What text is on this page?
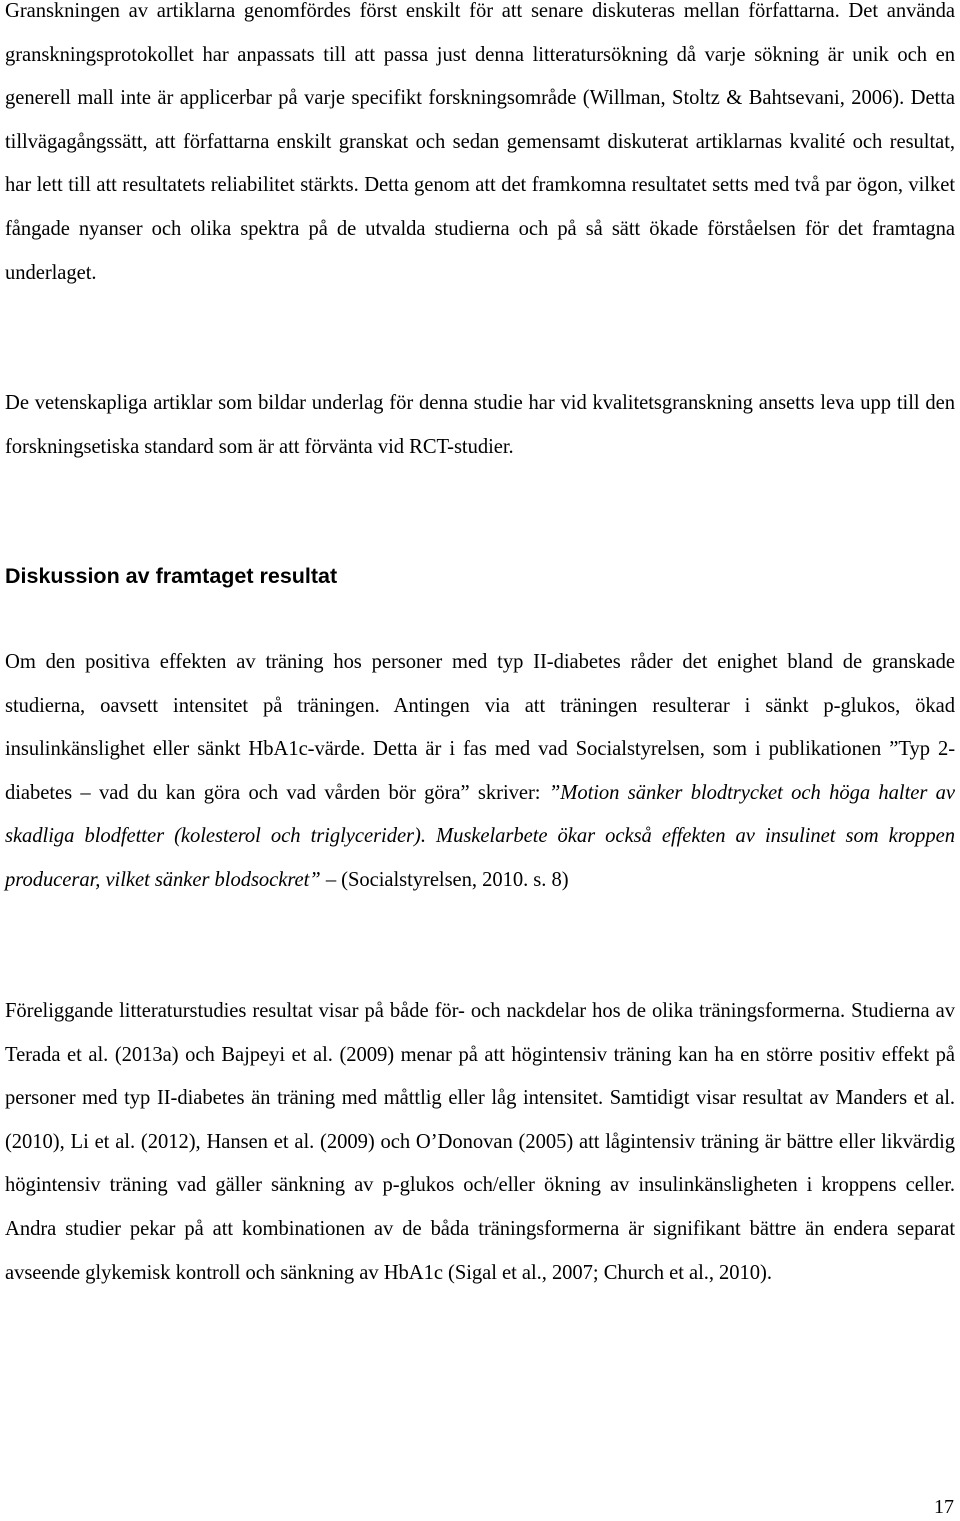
Granskningen av artiklarna genomfördes först enskilt för att senare diskuteras mellan författarna. Det använda granskningsprotokollet har anpassats till att passa just denna litteratursökning då varje sökning är unik och en generell mall inte är applicerbar på varje specifikt forskningsområde (Willman, Stoltz & Bahtsevani, 2006). Detta tillvägagångssätt, att författarna enskilt granskat och sedan gemensamt diskuterat artiklarnas kvalité och resultat, har lett till att resultatets reliabilitet stärkts. Detta genom att det framkomna resultatet setts med två par ögon, vilket fångade nyanser och olika spektra på de utvalda studierna och på så sätt ökade förståelsen för det framtagna underlaget.

De vetenskapliga artiklar som bildar underlag för denna studie har vid kvalitetsgranskning ansetts leva upp till den forskningsetiska standard som är att förvänta vid RCT-studier.

Diskussion av framtaget resultat

Om den positiva effekten av träning hos personer med typ II-diabetes råder det enighet bland de granskade studierna, oavsett intensitet på träningen. Antingen via att träningen resulterar i sänkt p-glukos, ökad insulinkänslighet eller sänkt HbA1c-värde. Detta är i fas med vad Socialstyrelsen, som i publikationen ”Typ 2-diabetes – vad du kan göra och vad vården bör göra” skriver: ”Motion sänker blodtrycket och höga halter av skadliga blodfetter (kolesterol och triglycerider). Muskelarbete ökar också effekten av insulinet som kroppen producerar, vilket sänker blodsockret” – (Socialstyrelsen, 2010. s. 8)

Föreliggande litteraturstudies resultat visar på både för- och nackdelar hos de olika träningsformerna. Studierna av Terada et al. (2013a) och Bajpeyi et al. (2009) menar på att högintensiv träning kan ha en större positiv effekt på personer med typ II-diabetes än träning med måttlig eller låg intensitet. Samtidigt visar resultat av Manders et al. (2010), Li et al. (2012), Hansen et al. (2009) och O’Donovan (2005) att lågintensiv träning är bättre eller likvärdig högintensiv träning vad gäller sänkning av p-glukos och/eller ökning av insulinkänsligheten i kroppens celler. Andra studier pekar på att kombinationen av de båda träningsformerna är signifikant bättre än endera separat avseende glykemisk kontroll och sänkning av HbA1c (Sigal et al., 2007; Church et al., 2010).

17
